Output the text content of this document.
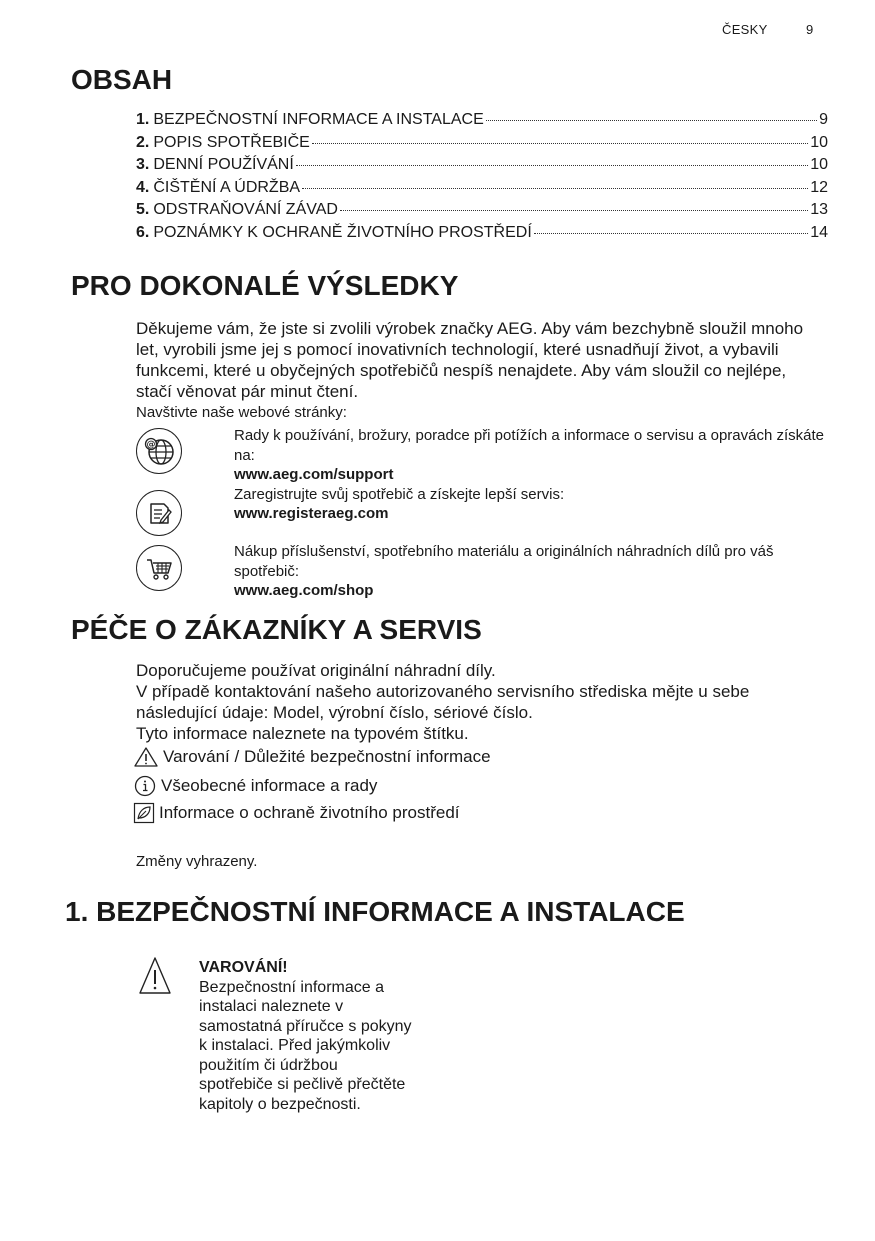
ČESKY	9
OBSAH
1. BEZPEČNOSTNÍ INFORMACE A INSTALACE	9
2. POPIS SPOTŘEBIČE	10
3. DENNÍ POUŽÍVÁNÍ	10
4. ČIŠTĚNÍ A ÚDRŽBA	12
5. ODSTRAŇOVÁNÍ ZÁVAD	13
6. POZNÁMKY K OCHRANĚ ŽIVOTNÍHO PROSTŘEDÍ	14
PRO DOKONALÉ VÝSLEDKY

Děkujeme vám, že jste si zvolili výrobek značky AEG. Aby vám bezchybně sloužil mnoho let, vyrobili jsme jej s pomocí inovativních technologií, které usnadňují život, a vybavili funkcemi, které u obyčejných spotřebičů nespíš nenajdete. Aby vám sloužil co nejlépe, stačí věnovat pár minut čtení.

Navštivte naše webové stránky:

@
Rady k používání, brožury, poradce při potížích a informace o servisu a opravách získáte na:
www.aeg.com/support
Zaregistrujte svůj spotřebič a získejte lepší servis:
www.registeraeg.com
Nákup příslušenství, spotřebního materiálu a originálních náhradních dílů pro váš spotřebič:
www.aeg.com/shop
PÉČE O ZÁKAZNÍKY A SERVIS

Doporučujeme používat originální náhradní díly.

V případě kontaktování našeho autorizovaného servisního střediska mějte u sebe následující údaje: Model, výrobní číslo, sériové číslo.

Tyto informace naleznete na typovém štítku.

Varování / Důležité bezpečnostní informace
Všeobecné informace a rady
Informace o ochraně životního prostředí

Změny vyhrazeny.

1. BEZPEČNOSTNÍ INFORMACE A INSTALACE
VAROVÁNÍ!
Bezpečnostní informace a instalaci naleznete v samostatná příručce s pokyny k instalaci. Před jakýmkoliv použitím či údržbou spotřebiče si pečlivě přečtěte kapitoly o bezpečnosti.
